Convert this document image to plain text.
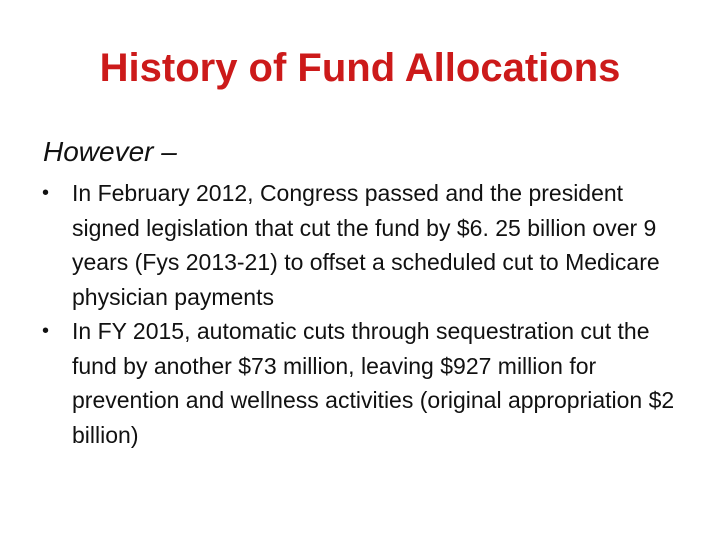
History of Fund Allocations

However –

• In February 2012, Congress passed and the president signed legislation that cut the fund by $6. 25 billion over 9 years (Fys 2013-21) to offset a scheduled cut to Medicare physician payments
• In FY 2015, automatic cuts through sequestration cut the fund by another $73 million, leaving $927 million for prevention and wellness activities (original appropriation $2 billion)
